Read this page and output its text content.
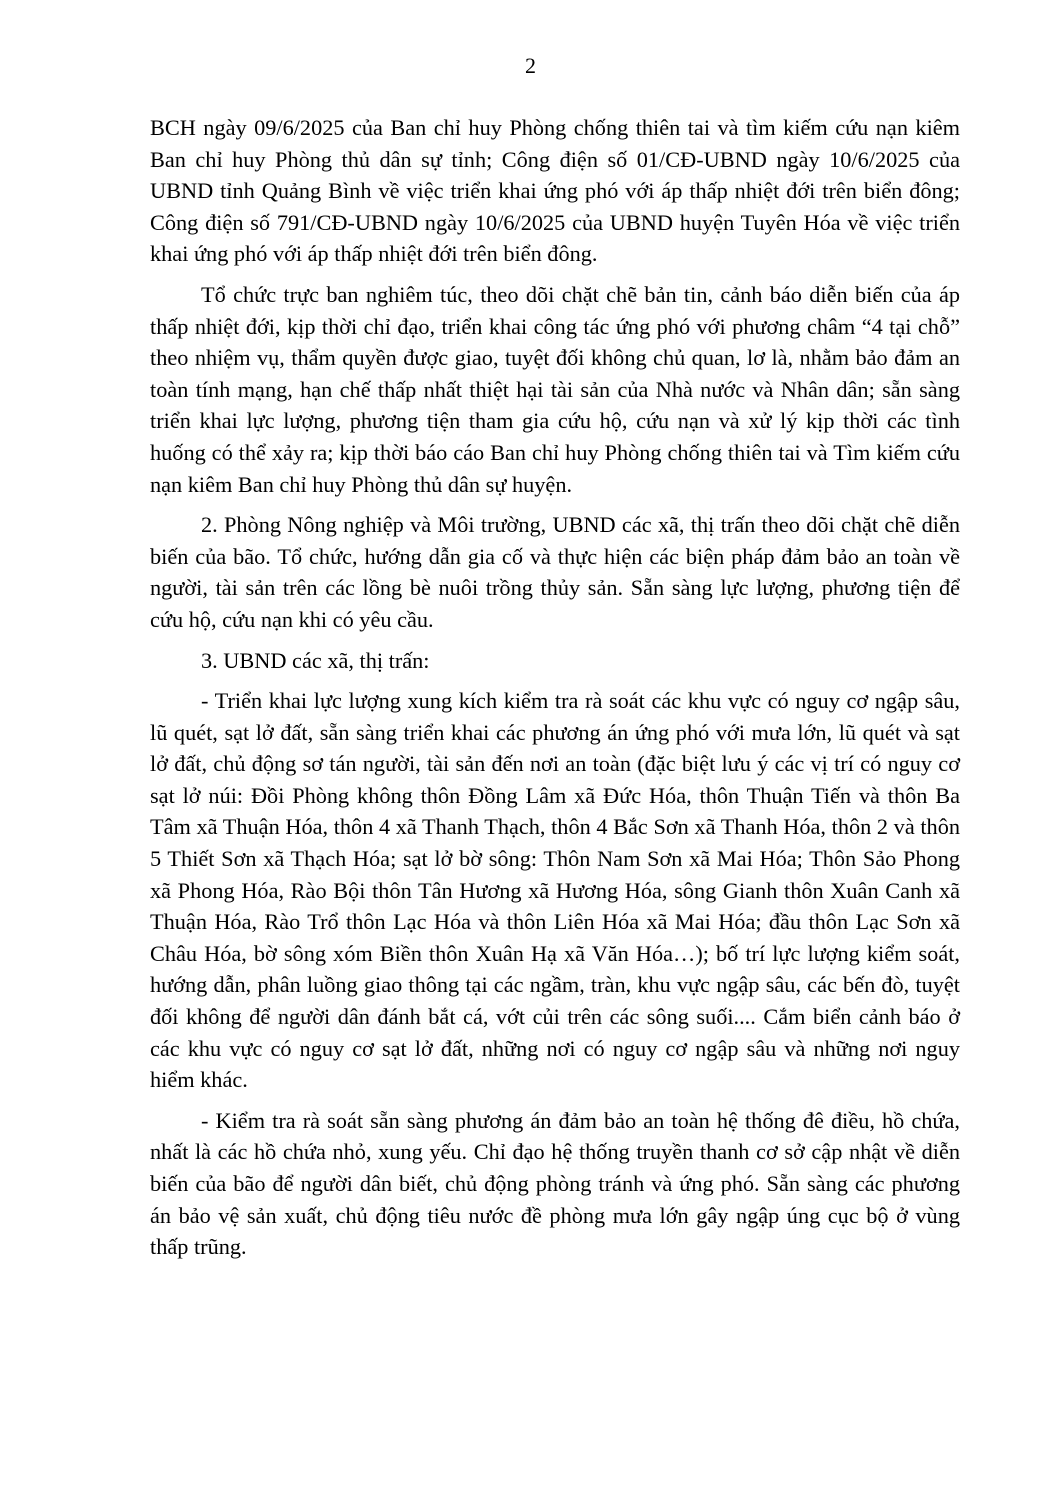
2

BCH ngày 09/6/2025 của Ban chỉ huy Phòng chống thiên tai và tìm kiếm cứu nạn kiêm Ban chỉ huy Phòng thủ dân sự tỉnh; Công điện số 01/CĐ-UBND ngày 10/6/2025 của UBND tỉnh Quảng Bình về việc triển khai ứng phó với áp thấp nhiệt đới trên biển đông; Công điện số 791/CĐ-UBND ngày 10/6/2025 của UBND huyện Tuyên Hóa về việc triển khai ứng phó với áp thấp nhiệt đới trên biển đông.

Tổ chức trực ban nghiêm túc, theo dõi chặt chẽ bản tin, cảnh báo diễn biến của áp thấp nhiệt đới, kịp thời chỉ đạo, triển khai công tác ứng phó với phương châm “4 tại chỗ” theo nhiệm vụ, thẩm quyền được giao, tuyệt đối không chủ quan, lơ là, nhằm bảo đảm an toàn tính mạng, hạn chế thấp nhất thiệt hại tài sản của Nhà nước và Nhân dân; sẵn sàng triển khai lực lượng, phương tiện tham gia cứu hộ, cứu nạn và xử lý kịp thời các tình huống có thể xảy ra; kịp thời báo cáo Ban chỉ huy Phòng chống thiên tai và Tìm kiếm cứu nạn kiêm Ban chỉ huy Phòng thủ dân sự huyện.

2. Phòng Nông nghiệp và Môi trường, UBND các xã, thị trấn theo dõi chặt chẽ diễn biến của bão. Tổ chức, hướng dẫn gia cố và thực hiện các biện pháp đảm bảo an toàn về người, tài sản trên các lồng bè nuôi trồng thủy sản. Sẵn sàng lực lượng, phương tiện để cứu hộ, cứu nạn khi có yêu cầu.

3. UBND các xã, thị trấn:

- Triển khai lực lượng xung kích kiểm tra rà soát các khu vực có nguy cơ ngập sâu, lũ quét, sạt lở đất, sẵn sàng triển khai các phương án ứng phó với mưa lớn, lũ quét và sạt lở đất, chủ động sơ tán người, tài sản đến nơi an toàn (đặc biệt lưu ý các vị trí có nguy cơ sạt lở núi: Đồi Phòng không thôn Đồng Lâm xã Đức Hóa, thôn Thuận Tiến và thôn Ba Tâm xã Thuận Hóa, thôn 4 xã Thanh Thạch, thôn 4 Bắc Sơn xã Thanh Hóa, thôn 2 và thôn 5 Thiết Sơn xã Thạch Hóa; sạt lở bờ sông: Thôn Nam Sơn xã Mai Hóa; Thôn Sảo Phong xã Phong Hóa, Rào Bội thôn Tân Hương xã Hương Hóa, sông Gianh thôn Xuân Canh xã Thuận Hóa, Rào Trổ thôn Lạc Hóa và thôn Liên Hóa xã Mai Hóa; đầu thôn Lạc Sơn xã Châu Hóa, bờ sông xóm Biền thôn Xuân Hạ xã Văn Hóa…); bố trí lực lượng kiểm soát, hướng dẫn, phân luồng giao thông tại các ngầm, tràn, khu vực ngập sâu, các bến đò, tuyệt đối không để người dân đánh bắt cá, vớt củi trên các sông suối.... Cắm biển cảnh báo ở các khu vực có nguy cơ sạt lở đất, những nơi có nguy cơ ngập sâu và những nơi nguy hiểm khác.

- Kiểm tra rà soát sẵn sàng phương án đảm bảo an toàn hệ thống đê điều, hồ chứa, nhất là các hồ chứa nhỏ, xung yếu. Chỉ đạo hệ thống truyền thanh cơ sở cập nhật về diễn biến của bão để người dân biết, chủ động phòng tránh và ứng phó. Sẵn sàng các phương án bảo vệ sản xuất, chủ động tiêu nước đề phòng mưa lớn gây ngập úng cục bộ ở vùng thấp trũng.
